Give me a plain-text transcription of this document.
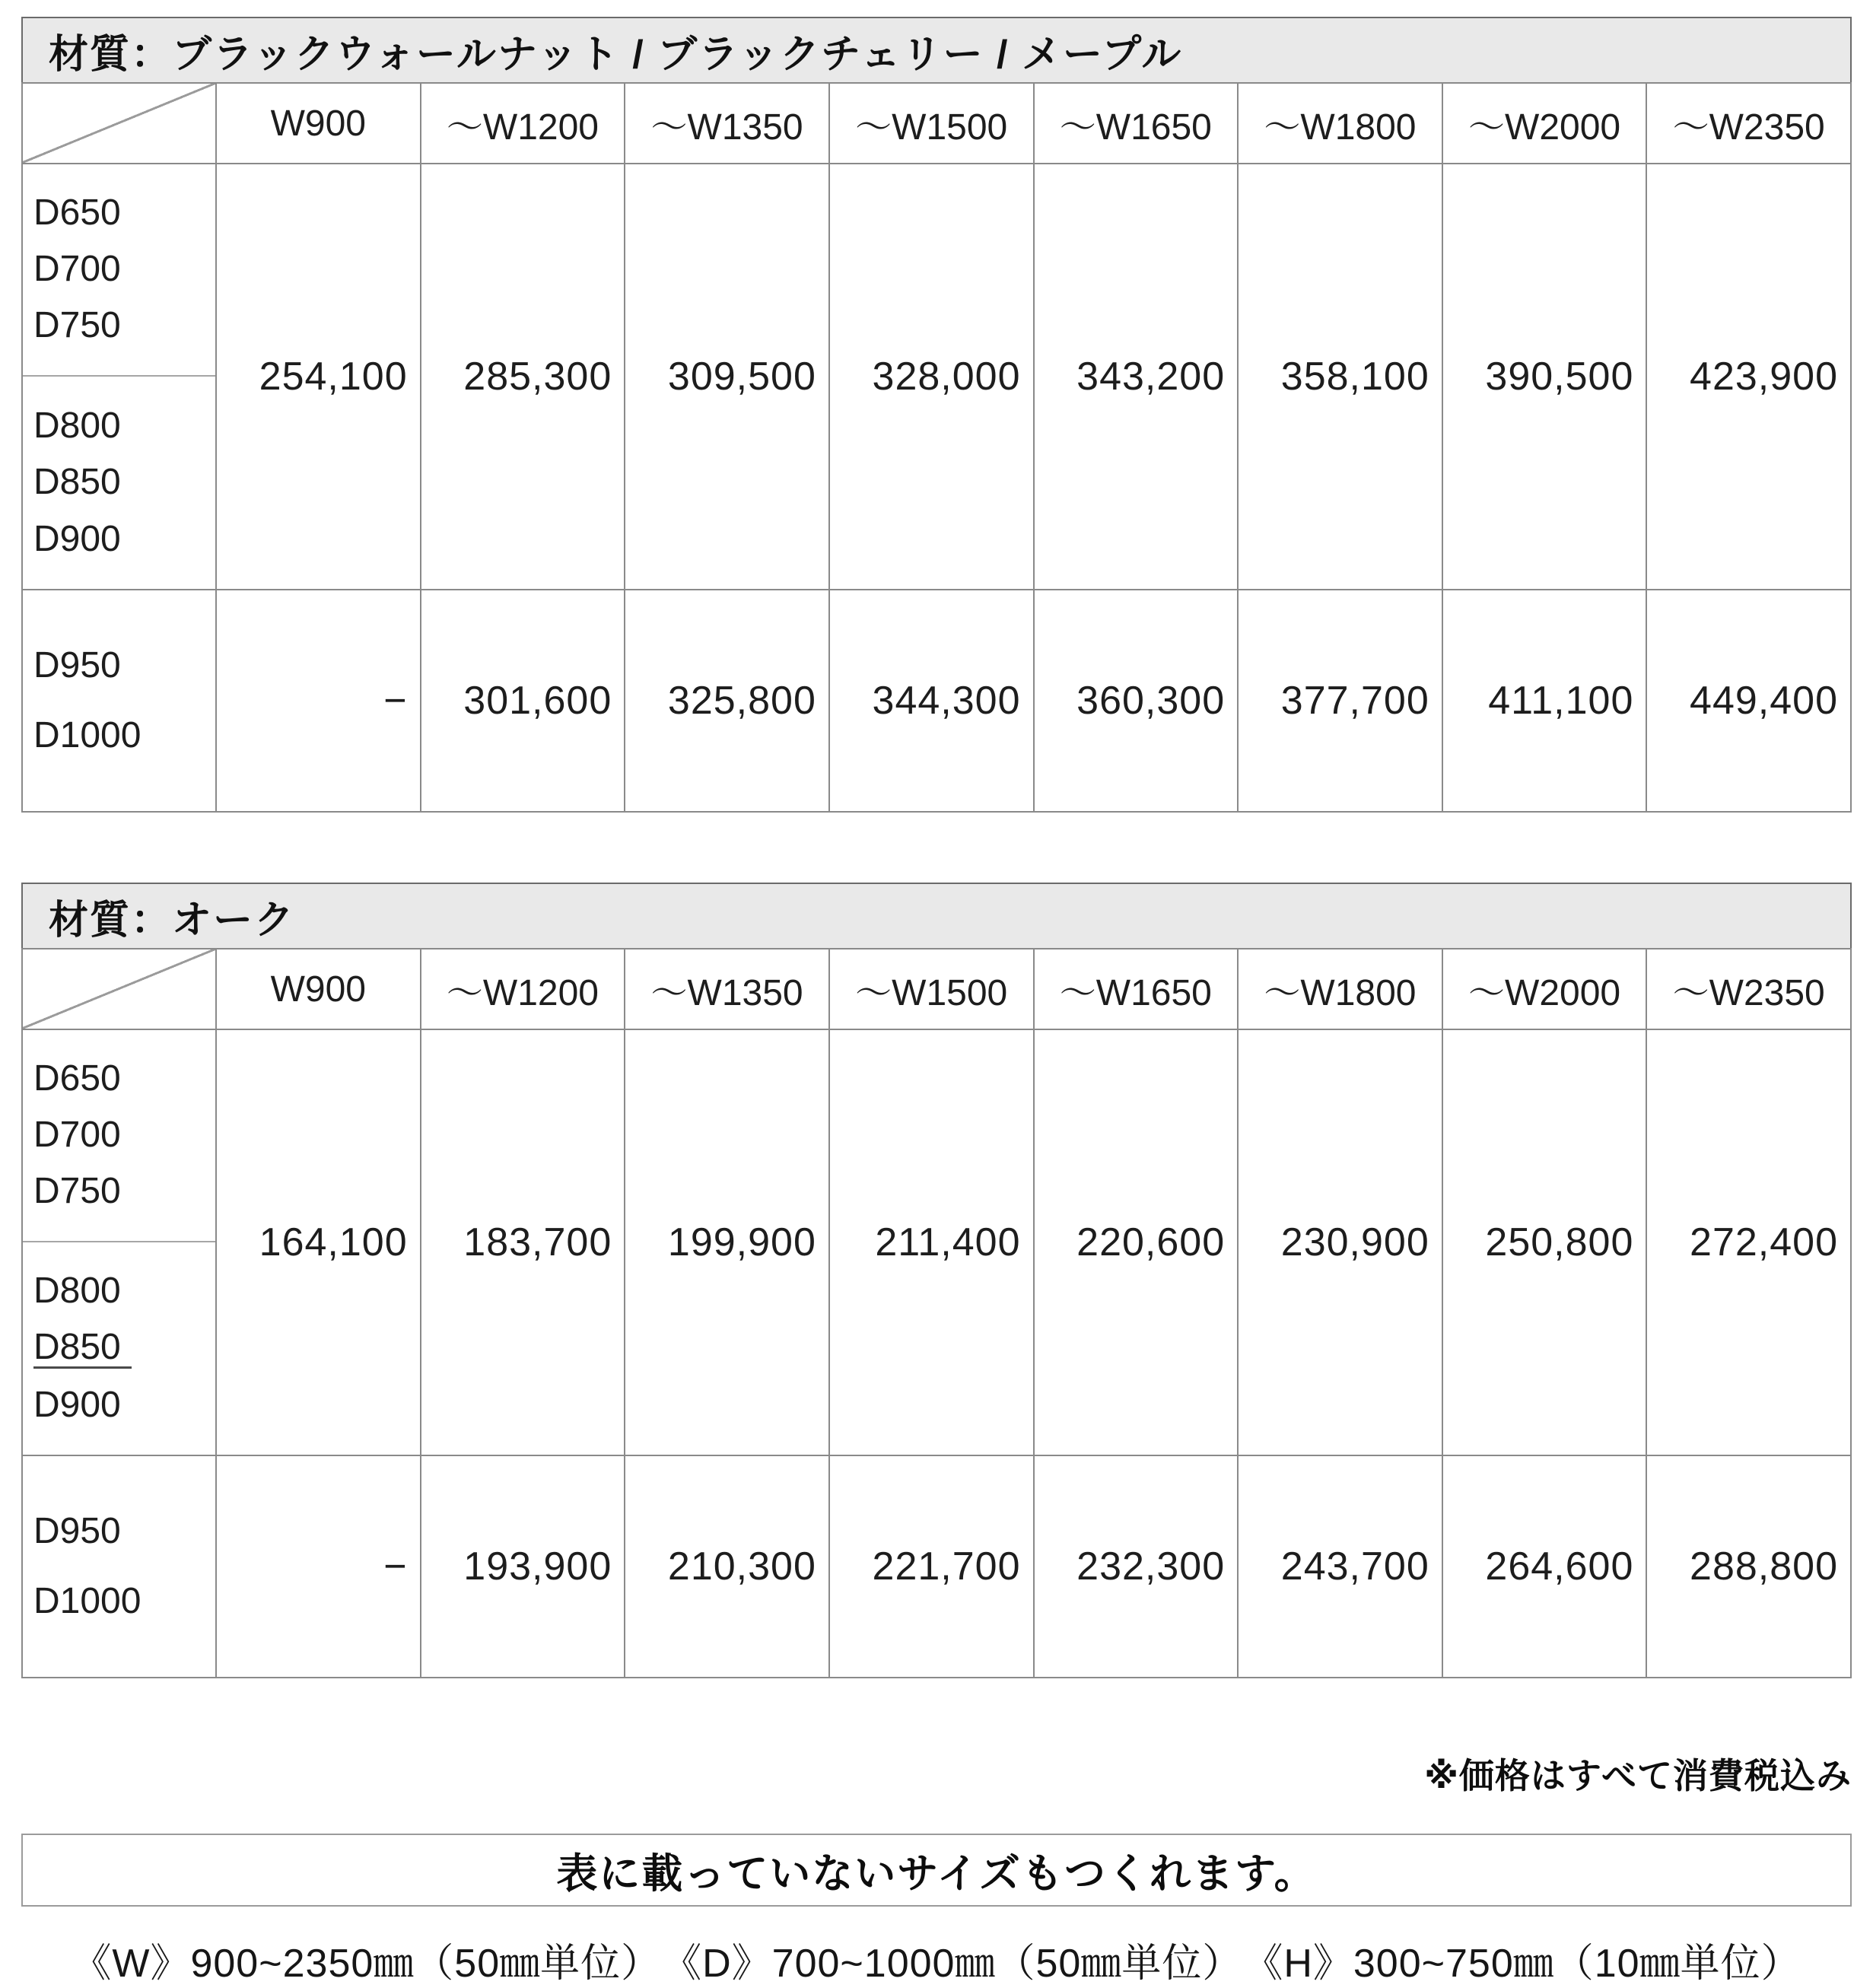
材質：ブラックウォールナット / ブラックチェリー / メープル
	W900	～W1200	～W1350	～W1500	～W1650	～W1800	～W2000	～W2350

D650
D700
D750
D800
D850
D900
	254,100	285,300	309,500	328,000	343,200	358,100	390,500	423,900

D950
D1000	−	301,600	325,800	344,300	360,300	377,700	411,100	449,400
材質：オーク
	W900	～W1200	～W1350	～W1500	～W1650	～W1800	～W2000	～W2350

D650
D700
D750
D800
D850
D900
	164,100	183,700	199,900	211,400	220,600	230,900	250,800	272,400

D950
D1000	−	193,900	210,300	221,700	232,300	243,700	264,600	288,800
※価格はすべて消費税込み
表に載っていないサイズもつくれます。
《W》900~2350㎜（50㎜単位）　《D》700~1000㎜（50㎜単位）　《H》300~750㎜（10㎜単位）
